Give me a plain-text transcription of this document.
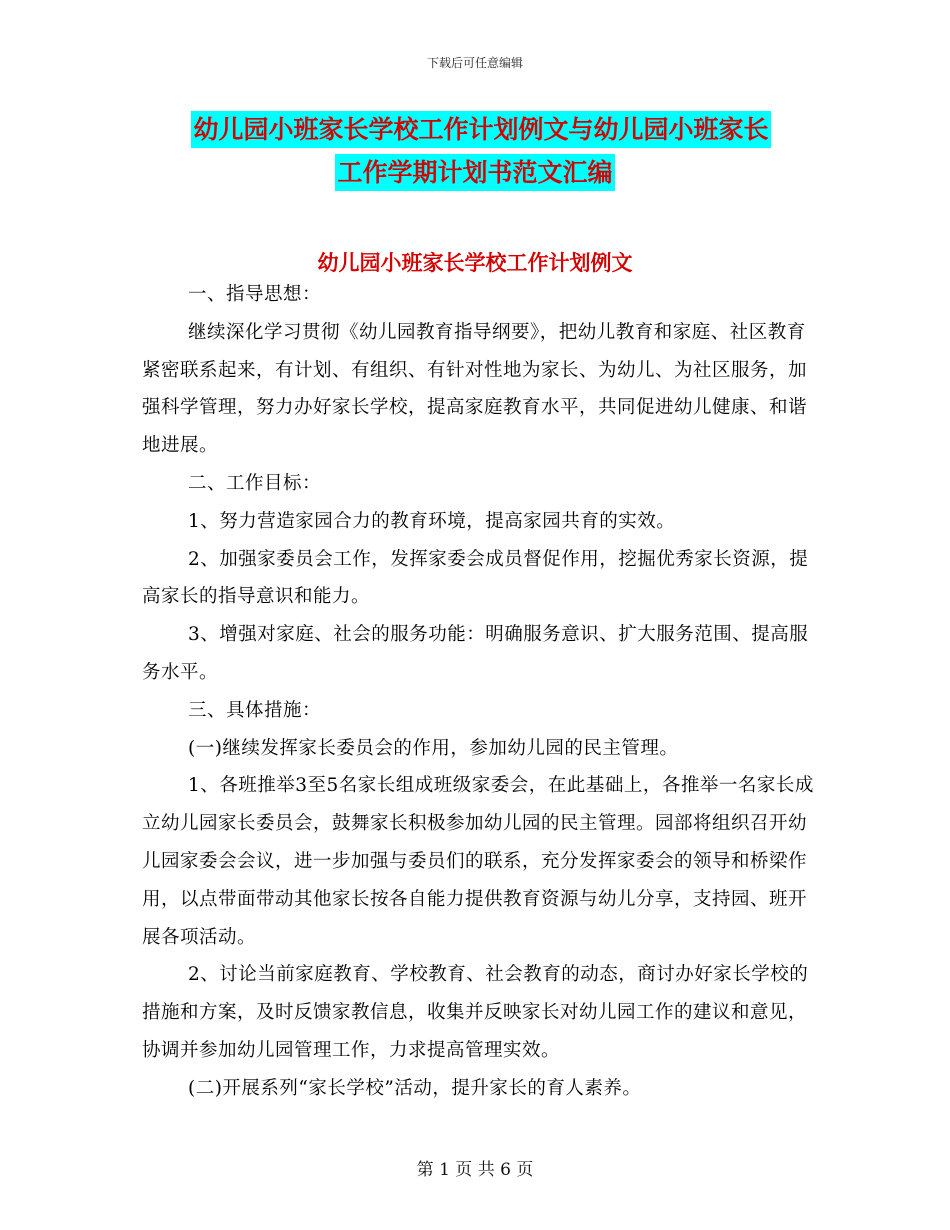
下载后可任意编辑
幼儿园小班家长学校工作计划例文与幼儿园小班家长
工作学期计划书范文汇编
幼儿园小班家长学校工作计划例文

一、指导思想：

继续深化学习贯彻《幼儿园教育指导纲要》，把幼儿教育和家庭、社区教育紧密联系起来，有计划、有组织、有针对性地为家长、为幼儿、为社区服务，加强科学管理，努力办好家长学校，提高家庭教育水平，共同促进幼儿健康、和谐地进展。

二、工作目标：

1、努力营造家园合力的教育环境，提高家园共育的实效。

2、加强家委员会工作，发挥家委会成员督促作用，挖掘优秀家长资源，提高家长的指导意识和能力。

3、增强对家庭、社会的服务功能：明确服务意识、扩大服务范围、提高服务水平。

三、具体措施：

(一)继续发挥家长委员会的作用，参加幼儿园的民主管理。

1、各班推举3至5名家长组成班级家委会，在此基础上，各推举一名家长成立幼儿园家长委员会，鼓舞家长积极参加幼儿园的民主管理。园部将组织召开幼儿园家委会会议，进一步加强与委员们的联系，充分发挥家委会的领导和桥梁作用，以点带面带动其他家长按各自能力提供教育资源与幼儿分享，支持园、班开展各项活动。

2、讨论当前家庭教育、学校教育、社会教育的动态，商讨办好家长学校的措施和方案，及时反馈家教信息，收集并反映家长对幼儿园工作的建议和意见，协调并参加幼儿园管理工作，力求提高管理实效。

(二)开展系列“家长学校”活动，提升家长的育人素养。

第 1 页 共 6 页
